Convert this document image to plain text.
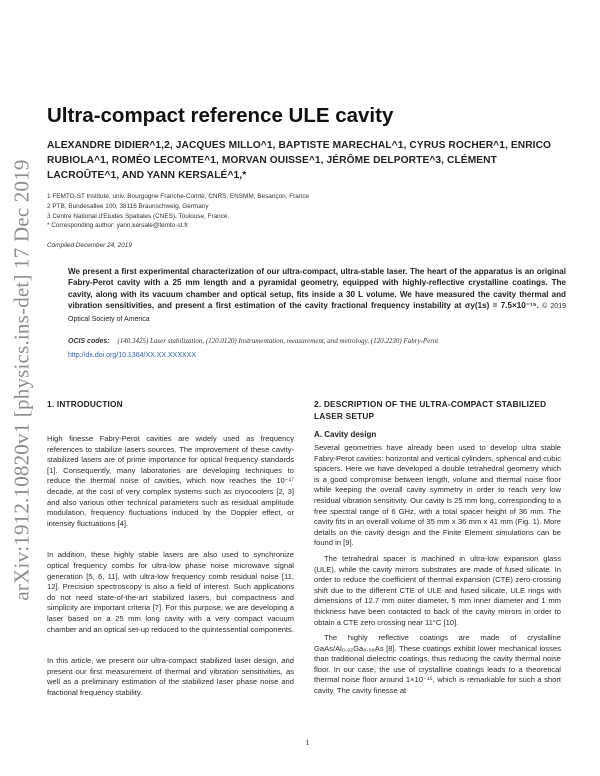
arXiv:1912.10820v1 [physics.ins-det] 17 Dec 2019
Ultra-compact reference ULE cavity
ALEXANDRE DIDIER^1,2, JACQUES MILLO^1, BAPTISTE MARECHAL^1, CYRUS ROCHER^1, ENRICO RUBIOLA^1, ROMÉO LECOMTE^1, MORVAN OUISSE^1, JÉRÔME DELPORTE^3, CLÉMENT LACROÛTE^1, AND YANN KERSALÉ^1,*
1 FEMTO-ST Institute, univ. Bourgogne Franche-Comté, CNRS, ENSMM, Besançon, France
2 PTB, Bundesallee 100, 38116 Braunschweig, Germany
3 Centre National d'Etudes Spatiales (CNES), Toulouse, France.
* Corresponding author: yann.kersale@femto-st.fr
Compiled December 24, 2019
We present a first experimental characterization of our ultra-compact, ultra-stable laser. The heart of the apparatus is an original Fabry-Perot cavity with a 25 mm length and a pyramidal geometry, equipped with highly-reflective crystalline coatings. The cavity, along with its vacuum chamber and optical setup, fits inside a 30 L volume. We have measured the cavity thermal and vibration sensitivities, and present a first estimation of the cavity fractional frequency instability at σy(1s) = 7.5×10⁻¹⁵. © 2019 Optical Society of America
OCIS codes: (140.3425) Laser stabilization, (120.0120) Instrumentation, measurement, and metrology, (120.2230) Fabry-Perot
http://dx.doi.org/10.1364/XX.XX.XXXXXX
1. INTRODUCTION

High finesse Fabry-Perot cavities are widely used as frequency references to stabilize lasers sources. The improvement of these cavity-stabilized lasers are of prime importance for optical frequency standards [1]. Consequently, many laboratories are developing techniques to reduce the thermal noise of cavities, which now reaches the 10⁻¹⁷ decade, at the cost of very complex systems such as cryocoolers [2, 3] and also various other technical parameters such as residual amplitude modulation, frequency fluctuations induced by the Doppler effect, or intensity fluctuations [4].

In addition, these highly stable lasers are also used to synchronize optical frequency combs for ultra-low phase noise microwave signal generation [5, 6, 11], with ultra-low frequency comb residual noise [11, 12]. Precision spectroscopy is also a field of interest. Such applications do not need state-of-the-art stabilized lasers, but compactness and simplicity are important criteria [7]. For this purpose, we are developing a laser based on a 25 mm long cavity with a very compact vacuum chamber and an optical set-up reduced to the quintessential components.

In this article, we present our ultra-compact stabilized laser design, and present our first measurement of thermal and vibration sensitivities, as well as a preliminary estimation of the stabilized laser phase noise and fractional frequency stability.

2. DESCRIPTION OF THE ULTRA-COMPACT STABILIZED LASER SETUP
A. Cavity design

Several geometries have already been used to develop ultra stable Fabry-Perot cavities: horizontal and vertical cylinders, spherical and cubic spacers. Here we have developed a double tetrahedral geometry which is a good compromise between length, volume and thermal noise floor while keeping the overall cavity symmetry in order to reach very low residual vibration sensitivity. Our cavity is 25 mm long, corresponding to a free spectral range of 6 GHz, with a total spacer height of 36 mm. The cavity fits in an overall volume of 35 mm x 36 mm x 41 mm (Fig. 1). More details on the cavity design and the Finite Element simulations can be found in [9].

The tetrahedral spacer is machined in ultra-low expansion glass (ULE), while the cavity mirrors substrates are made of fused silicate. In order to reduce the coefficient of thermal expansion (CTE) zero-crossing shift due to the different CTE of ULE and fused silicate, ULE rings with dimensions of 12.7 mm outer diameter, 5 mm inner diameter and 1 mm thickness have been contacted to back of the cavity mirrors in order to obtain a CTE zero crossing near 11°C [10].

The highly reflective coatings are made of crystalline GaAs/Al₀.₉₂Ga₀.₀₈As [8]. These coatings exhibit lower mechanical losses than traditional dielectric coatings, thus reducing the cavity thermal noise floor. In our case, the use of crystalline coatings leads to a theoretical thermal noise floor around 1×10⁻¹⁵, which is remarkable for such a short cavity. The cavity finesse at

1
